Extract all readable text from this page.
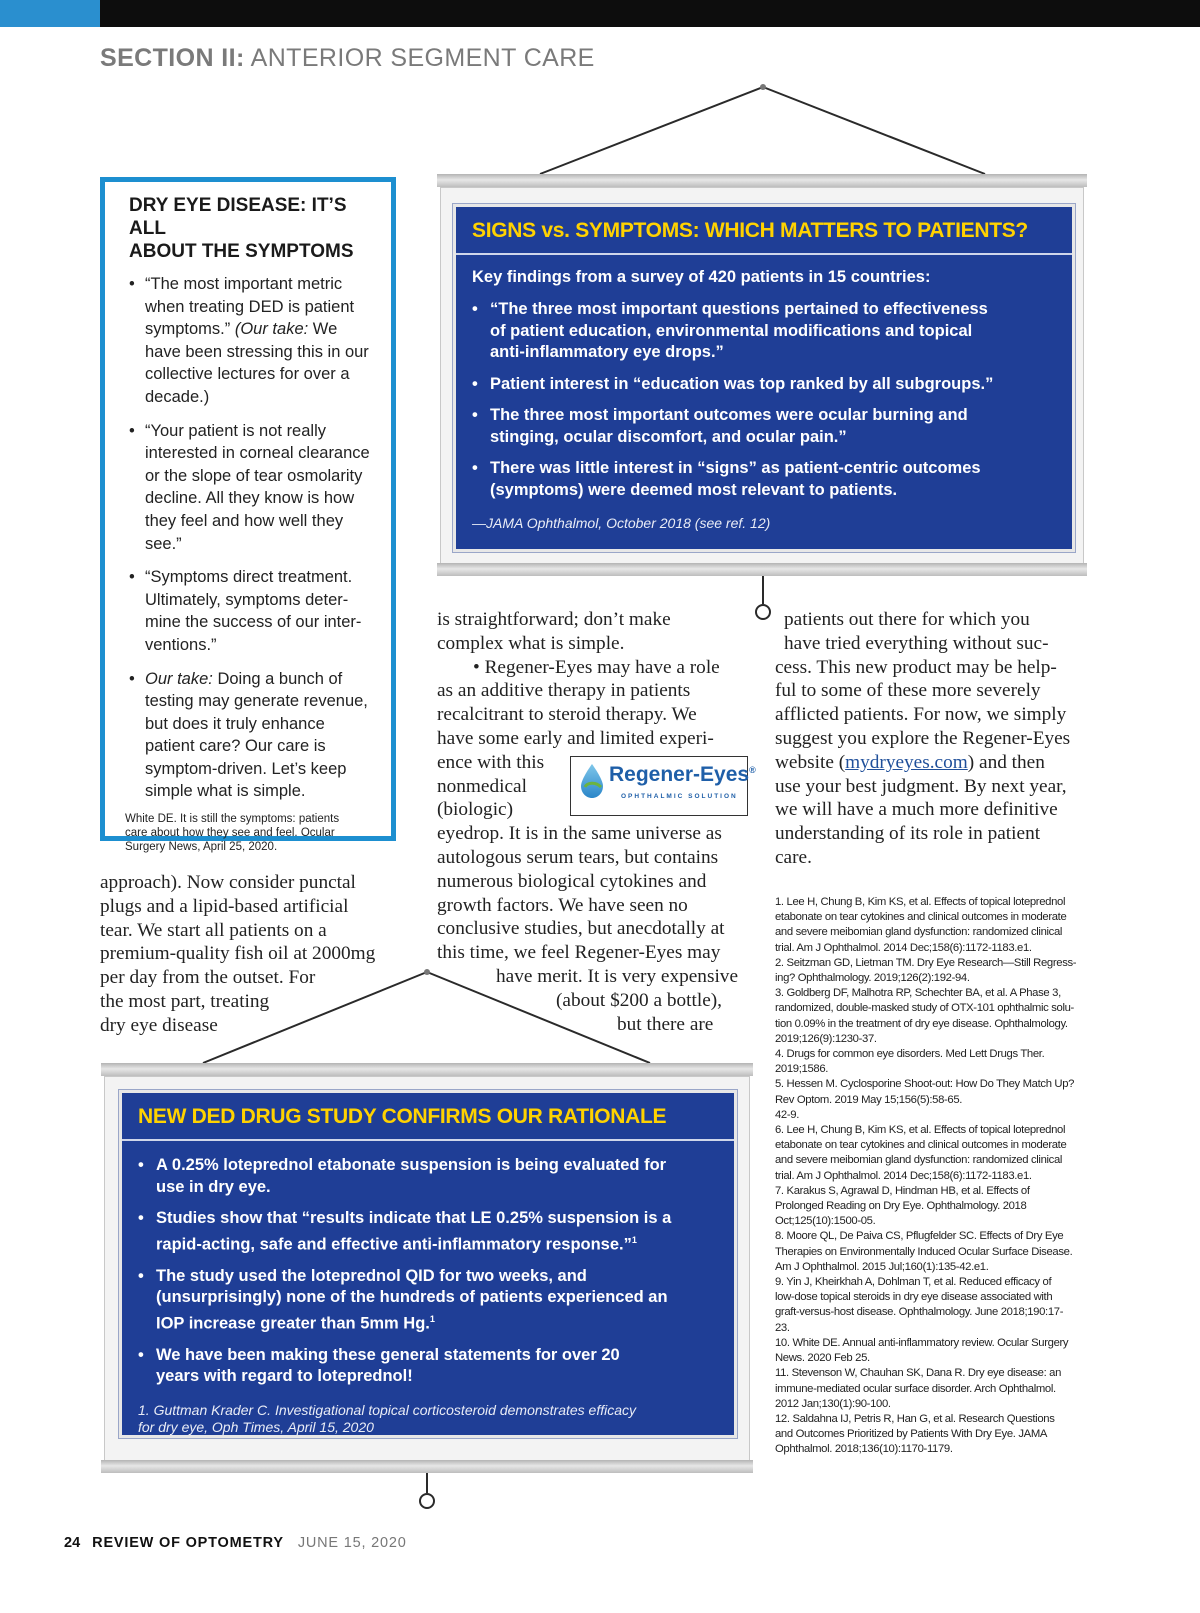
SECTION II: ANTERIOR SEGMENT CARE
DRY EYE DISEASE: IT’S ALL
ABOUT THE SYMPTOMS
• “The most important metric
when treating DED is patient
symptoms.” (Our take: We
have been stressing this in our
collective lectures for over a
decade.)
• “Your patient is not really
interested in corneal clearance
or the slope of tear osmolarity
decline. All they know is how
they feel and how well they
see.”
• “Symptoms direct treatment.
Ultimately, symptoms deter-
mine the success of our inter-
ventions.”
• Our take: Doing a bunch of
testing may generate revenue,
but does it truly enhance
patient care? Our care is
symptom-driven. Let’s keep
simple what is simple.
White DE. It is still the symptoms: patients
care about how they see and feel. Ocular
Surgery News, April 25, 2020.
SIGNS vs. SYMPTOMS: WHICH MATTERS TO PATIENTS?
Key findings from a survey of 420 patients in 15 countries:
• “The three most important questions pertained to effectiveness
of patient education, environmental modifications and topical
anti-inflammatory eye drops.”
• Patient interest in “education was top ranked by all subgroups.”
• The three most important outcomes were ocular burning and
stinging, ocular discomfort, and ocular pain.”
• There was little interest in “signs” as patient-centric outcomes
(symptoms) were deemed most relevant to patients.
—JAMA Ophthalmol, October 2018 (see ref. 12)
approach). Now consider punctal
plugs and a lipid-based artificial
tear. We start all patients on a
premium-quality fish oil at 2000mg
per day from the outset. For
the most part, treating
dry eye disease
is straightforward; don’t make
complex what is simple.
• Regener-Eyes may have a role
as an additive therapy in patients
recalcitrant to steroid therapy. We
have some early and limited experi-
ence with this
nonmedical
(biologic)
eyedrop. It is in the same universe as
autologous serum tears, but contains
numerous biological cytokines and
growth factors. We have seen no
conclusive studies, but anecdotally at
this time, we feel Regener-Eyes may
have merit. It is very expensive
(about $200 a bottle),
but there are
Regener-Eyes®
OPHTHALMIC SOLUTION
patients out there for which you
have tried everything without suc-
cess. This new product may be help-
ful to some of these more severely
afflicted patients. For now, we simply
suggest you explore the Regener-Eyes
website (mydryeyes.com) and then
use your best judgment. By next year,
we will have a much more definitive
understanding of its role in patient
care.
1. Lee H, Chung B, Kim KS, et al. Effects of topical loteprednol
etabonate on tear cytokines and clinical outcomes in moderate
and severe meibomian gland dysfunction: randomized clinical
trial. Am J Ophthalmol. 2014 Dec;158(6):1172-1183.e1.
2. Seitzman GD, Lietman TM. Dry Eye Research—Still Regress-
ing? Ophthalmology. 2019;126(2):192-94.
3. Goldberg DF, Malhotra RP, Schechter BA, et al. A Phase 3,
randomized, double-masked study of OTX-101 ophthalmic solu-
tion 0.09% in the treatment of dry eye disease. Ophthalmology.
2019;126(9):1230-37.
4. Drugs for common eye disorders. Med Lett Drugs Ther.
2019;1586.
5. Hessen M. Cyclosporine Shoot-out: How Do They Match Up?
Rev Optom. 2019 May 15;156(5):58-65.
42-9.
6. Lee H, Chung B, Kim KS, et al. Effects of topical loteprednol
etabonate on tear cytokines and clinical outcomes in moderate
and severe meibomian gland dysfunction: randomized clinical
trial. Am J Ophthalmol. 2014 Dec;158(6):1172-1183.e1.
7. Karakus S, Agrawal D, Hindman HB, et al. Effects of
Prolonged Reading on Dry Eye. Ophthalmology. 2018
Oct;125(10):1500-05.
8. Moore QL, De Paiva CS, Pflugfelder SC. Effects of Dry Eye
Therapies on Environmentally Induced Ocular Surface Disease.
Am J Ophthalmol. 2015 Jul;160(1):135-42.e1.
9. Yin J, Kheirkhah A, Dohlman T, et al. Reduced efficacy of
low-dose topical steroids in dry eye disease associated with
graft-versus-host disease. Ophthalmology. June 2018;190:17-
23.
10. White DE. Annual anti-inflammatory review. Ocular Surgery
News. 2020 Feb 25.
11. Stevenson W, Chauhan SK, Dana R. Dry eye disease: an
immune-mediated ocular surface disorder. Arch Ophthalmol.
2012 Jan;130(1):90-100.
12. Saldahna IJ, Petris R, Han G, et al. Research Questions
and Outcomes Prioritized by Patients With Dry Eye. JAMA
Ophthalmol. 2018;136(10):1170-1179.
NEW DED DRUG STUDY CONFIRMS OUR RATIONALE
• A 0.25% loteprednol etabonate suspension is being evaluated for
use in dry eye.
• Studies show that “results indicate that LE 0.25% suspension is a
rapid-acting, safe and effective anti-inflammatory response.”$^1$
• The study used the loteprednol QID for two weeks, and
(unsurprisingly) none of the hundreds of patients experienced an
IOP increase greater than 5mm Hg.$^1$
• We have been making these general statements for over 20
years with regard to loteprednol!
1. Guttman Krader C. Investigational topical corticosteroid demonstrates efficacy
for dry eye, Oph Times, April 15, 2020
24 REVIEW OF OPTOMETRY JUNE 15, 2020
